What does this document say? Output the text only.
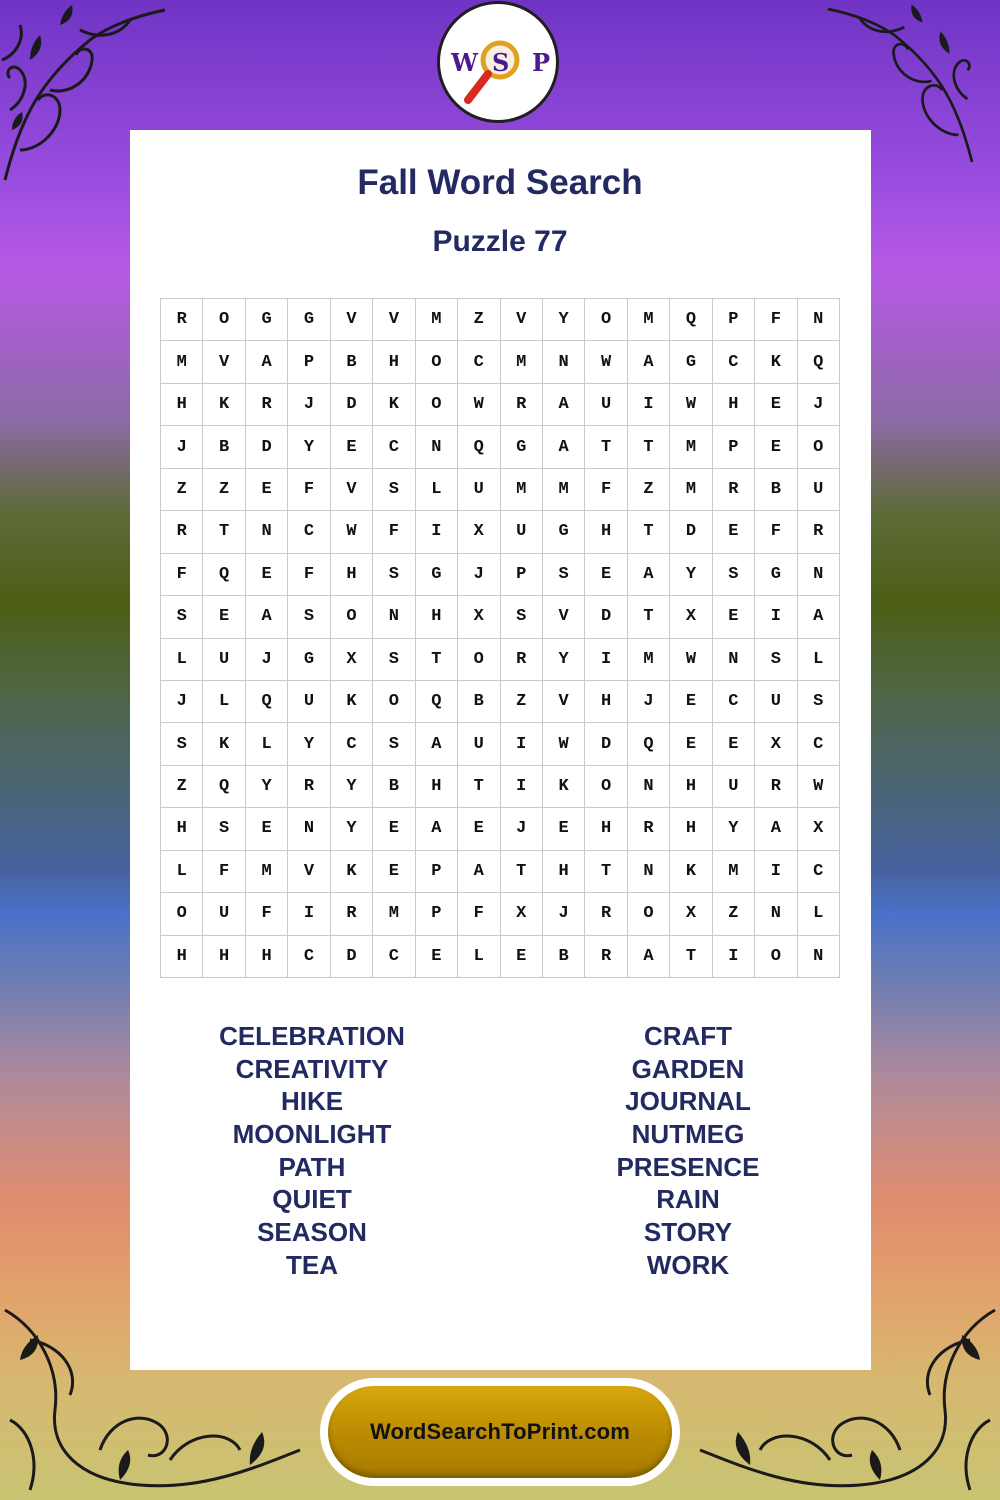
W S P
Fall Word Search
Puzzle 77
R	O	G	G	V	V	M	Z	V	Y	O	M	Q	P	F	N
M	V	A	P	B	H	O	C	M	N	W	A	G	C	K	Q
H	K	R	J	D	K	O	W	R	A	U	I	W	H	E	J
J	B	D	Y	E	C	N	Q	G	A	T	T	M	P	E	O
Z	Z	E	F	V	S	L	U	M	M	F	Z	M	R	B	U
R	T	N	C	W	F	I	X	U	G	H	T	D	E	F	R
F	Q	E	F	H	S	G	J	P	S	E	A	Y	S	G	N
S	E	A	S	O	N	H	X	S	V	D	T	X	E	I	A
L	U	J	G	X	S	T	O	R	Y	I	M	W	N	S	L
J	L	Q	U	K	O	Q	B	Z	V	H	J	E	C	U	S
S	K	L	Y	C	S	A	U	I	W	D	Q	E	E	X	C
Z	Q	Y	R	Y	B	H	T	I	K	O	N	H	U	R	W
H	S	E	N	Y	E	A	E	J	E	H	R	H	Y	A	X
L	F	M	V	K	E	P	A	T	H	T	N	K	M	I	C
O	U	F	I	R	M	P	F	X	J	R	O	X	Z	N	L
H	H	H	C	D	C	E	L	E	B	R	A	T	I	O	N
CELEBRATION
CREATIVITY
HIKE
MOONLIGHT
PATH
QUIET
SEASON
TEA
CRAFT
GARDEN
JOURNAL
NUTMEG
PRESENCE
RAIN
STORY
WORK
WordSearchToPrint.com
